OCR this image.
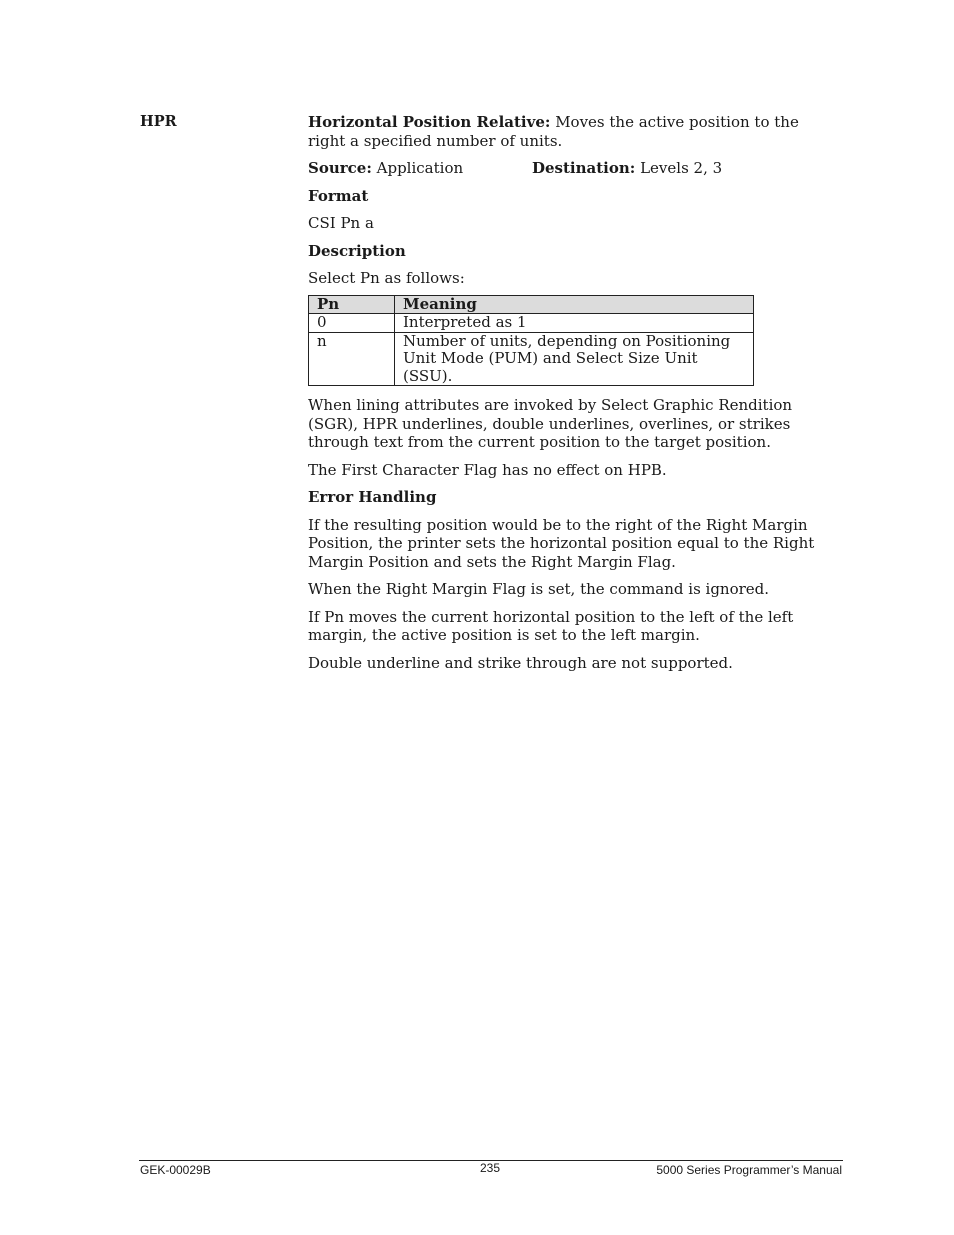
HPR	Horizontal Position Relative: Moves the active position to the right a specified number of units.

Source: Application	Destination: Levels 2, 3
Format

CSI Pn a

Description

Select Pn as follows:

Pn	Meaning
0	Interpreted as 1
n	Number of units, depending on Positioning Unit Mode (PUM) and Select Size Unit (SSU).

When lining attributes are invoked by Select Graphic Rendition (SGR), HPR underlines, double underlines, overlines, or strikes through text from the current position to the target position.

The First Character Flag has no effect on HPB.

Error Handling

If the resulting position would be to the right of the Right Margin Position, the printer sets the horizontal position equal to the Right Margin Position and sets the Right Margin Flag.

When the Right Margin Flag is set, the command is ignored.

If Pn moves the current horizontal position to the left of the left margin, the active position is set to the left margin.

Double underline and strike through are not supported.

GEK-00029B	235	5000 Series Programmer’s Manual
